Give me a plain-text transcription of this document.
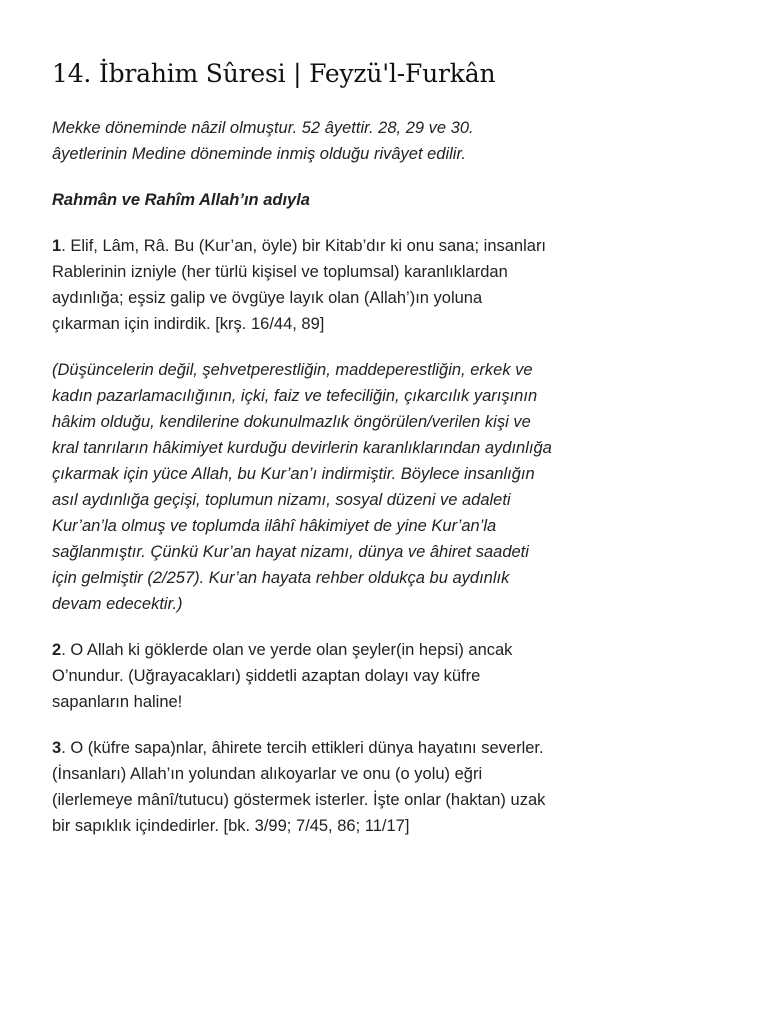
14. İbrahim Sûresi | Feyzü'l-Furkân

Mekke döneminde nâzil olmuştur. 52 âyettir. 28, 29 ve 30. âyetlerinin Medine döneminde inmiş olduğu rivâyet edilir.

Rahmân ve Rahîm Allah’ın adıyla

1. Elif, Lâm, Râ. Bu (Kur’an, öyle) bir Kitab’dır ki onu sana; insanları Rablerinin izniyle (her türlü kişisel ve toplumsal) karanlıklardan aydınlığa; eşsiz galip ve övgüye layık olan (Allah’)ın yoluna çıkarman için indirdik. [krş. 16/44, 89]

(Düşüncelerin değil, şehvetperestliğin, maddeperestliğin, erkek ve kadın pazarlamacılığının, içki, faiz ve tefeciliğin, çıkarcılık yarışının hâkim olduğu, kendilerine dokunulmazlık öngörülen/verilen kişi ve kral tanrıların hâkimiyet kurduğu devirlerin karanlıklarından aydınlığa çıkarmak için yüce Allah, bu Kur’an’ı indirmiştir. Böylece insanlığın asıl aydınlığa geçişi, toplumun nizamı, sosyal düzeni ve adaleti Kur’an’la olmuş ve toplumda ilâhî hâkimiyet de yine Kur’an’la sağlanmıştır. Çünkü Kur’an hayat nizamı, dünya ve âhiret saadeti için gelmiştir (2/257). Kur’an hayata rehber oldukça bu aydınlık devam edecektir.)

2. O Allah ki göklerde olan ve yerde olan şeyler(in hepsi) ancak O’nundur. (Uğrayacakları) şiddetli azaptan dolayı vay küfre sapanların haline!

3. O (küfre sapa)nlar, âhirete tercih ettikleri dünya hayatını severler. (İnsanları) Allah’ın yolundan alıkoyarlar ve onu (o yolu) eğri (ilerlemeye mânî/tutucu) göstermek isterler. İşte onlar (haktan) uzak bir sapıklık içindedirler. [bk. 3/99; 7/45, 86; 11/17]
